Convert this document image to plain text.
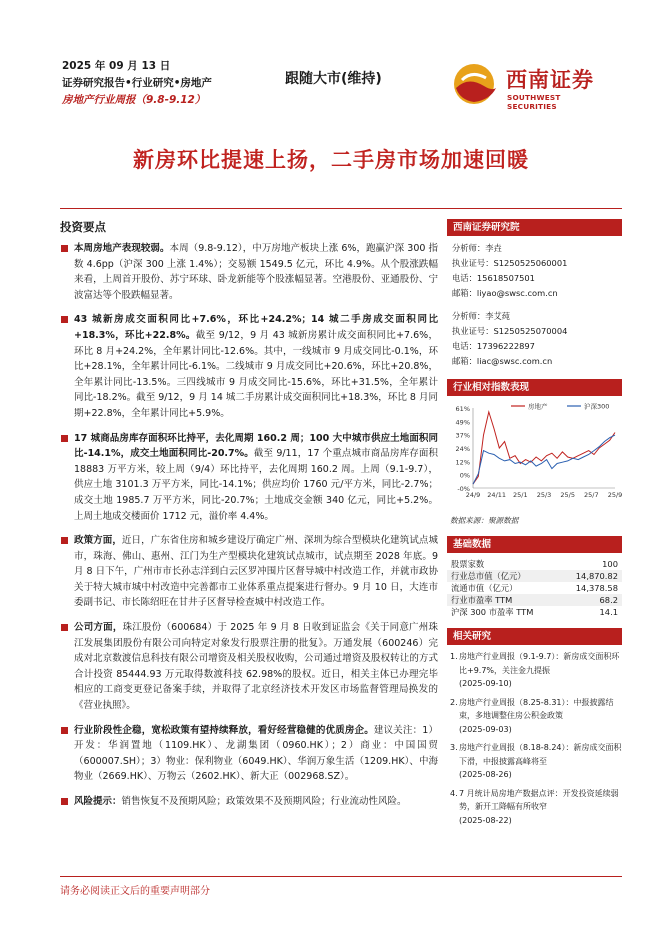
2025 年 09 月 13 日
证券研究报告•行业研究•房地产
房地产行业周报（9.8-9.12）
跟随大市(维持)	西南证券
SOUTHWEST SECURITIES
新房环比提速上扬，二手房市场加速回暖
投资要点
本周房地产表现较弱。本周（9.8-9.12），中万房地产板块上涨 6%，跑赢沪深 300 指数 4.6pp（沪深 300 上涨 1.4%）；交易额 1549.5 亿元，环比 4.9%。从个股涨跌幅来看，上周首开股份、苏宁环球、卧龙新能等个股涨幅显著。空港股份、亚通股份、宁波富达等个股跌幅显著。
43 城新房成交面积同比+7.6%，环比+24.2%；14 城二手房成交面积同比+18.3%，环比+22.8%。截至 9/12，9 月 43 城新房累计成交面积同比+7.6%，环比 8 月+24.2%，全年累计同比-12.6%。其中，一线城市 9 月成交同比-0.1%，环比+28.1%，全年累计同比-6.1%。二线城市 9 月成交同比+20.6%，环比+20.8%，全年累计同比-13.5%。三四线城市 9 月成交同比-15.6%，环比+31.5%，全年累计同比-18.2%。截至 9/12，9 月 14 城二手房累计成交面积同比+18.3%，环比 8 月同期+22.8%，全年累计同比+5.9%。
17 城商品房库存面积环比持平，去化周期 160.2 周；100 大中城市供应土地面积同比-14.1%，成交土地面积同比-20.7%。截至 9/11，17 个重点城市商品房库存面积 18883 万平方米，较上周（9/4）环比持平，去化周期 160.2 周。上周（9.1-9.7），供应土地 3101.3 万平方米，同比-14.1%；供应均价 1760 元/平方米，同比-2.7%；成交土地 1985.7 万平方米，同比-20.7%；土地成交金额 340 亿元，同比+5.2%。上周土地成交楼面价 1712 元，溢价率 4.4%。
政策方面，近日，广东省住房和城乡建设厅确定广州、深圳为综合型模块化建筑试点城市，珠海、佛山、惠州、江门为生产型模块化建筑试点城市，试点期至 2028 年底。9月 8 日下午，广州市市长孙志洋到白云区罗冲围片区督导城中村改造工作，并就市政协关于特大城市城中村改造中完善都市工业体系重点提案进行督办。9 月 10 日，大连市委副书记、市长陈绍旺在甘井子区督导检查城中村改造工作。
公司方面，珠江股份（600684）于 2025 年 9 月 8 日收到证监会《关于同意广州珠江发展集团股份有限公司向特定对象发行股票注册的批复》。万通发展（600246）完成对北京数渡信息科技有限公司增资及相关股权收购，公司通过增资及股权转让的方式合计投资 85444.93 万元取得数渡科技 62.98%的股权。近日，相关主体已办理完毕相应的工商变更登记备案手续，并取得了北京经济技术开发区市场监督管理局换发的《营业执照》。
行业阶段性企稳，宽松政策有望持续释放，看好经营稳健的优质房企。建议关注：1）开发：华润置地（1109.HK）、龙湖集团（0960.HK）；2）商业：中国国贸（600007.SH）；3）物业：保利物业（6049.HK）、华润万象生活（1209.HK）、中海物业（2669.HK）、万物云（2602.HK）、新大正（002968.SZ）。
风险提示：销售恢复不及预期风险；政策效果不及预期风险；行业流动性风险。
西南证券研究院
分析师：李垚
执业证号：S1250525060001
电话：15618507501
邮箱：liyao@swsc.com.cn
分析师：李艾莼
执业证号：S1250525070004
电话：17396222897
邮箱：liac@swsc.com.cn
行业相对指数表现
61%
49%
37%
24%
12%
0%
-0%
24/9 24/11 25/1 25/3 25/5 25/7 25/9
房地产	沪深300
数据来源：聚源数据
基础数据
股票家数	100
行业总市值（亿元）	14,870.82
流通市值（亿元）	14,378.58
行业市盈率 TTM	68.2
沪深 300 市盈率 TTM	14.1
相关研究
1. 房地产行业周报（9.1-9.7）：新房成交面积环比+9.7%，关注金九提振
(2025-09-10)
2. 房地产行业周报（8.25-8.31）：中报披露结束，多地调整住房公积金政策
(2025-09-03)
3. 房地产行业周报（8.18-8.24）：新房成交面积下滑，中报披露高峰将至
(2025-08-26)
4. 7 月统计局房地产数据点评：开发投资延续弱势，新开工降幅有所收窄
(2025-08-22)
请务必阅读正文后的重要声明部分
